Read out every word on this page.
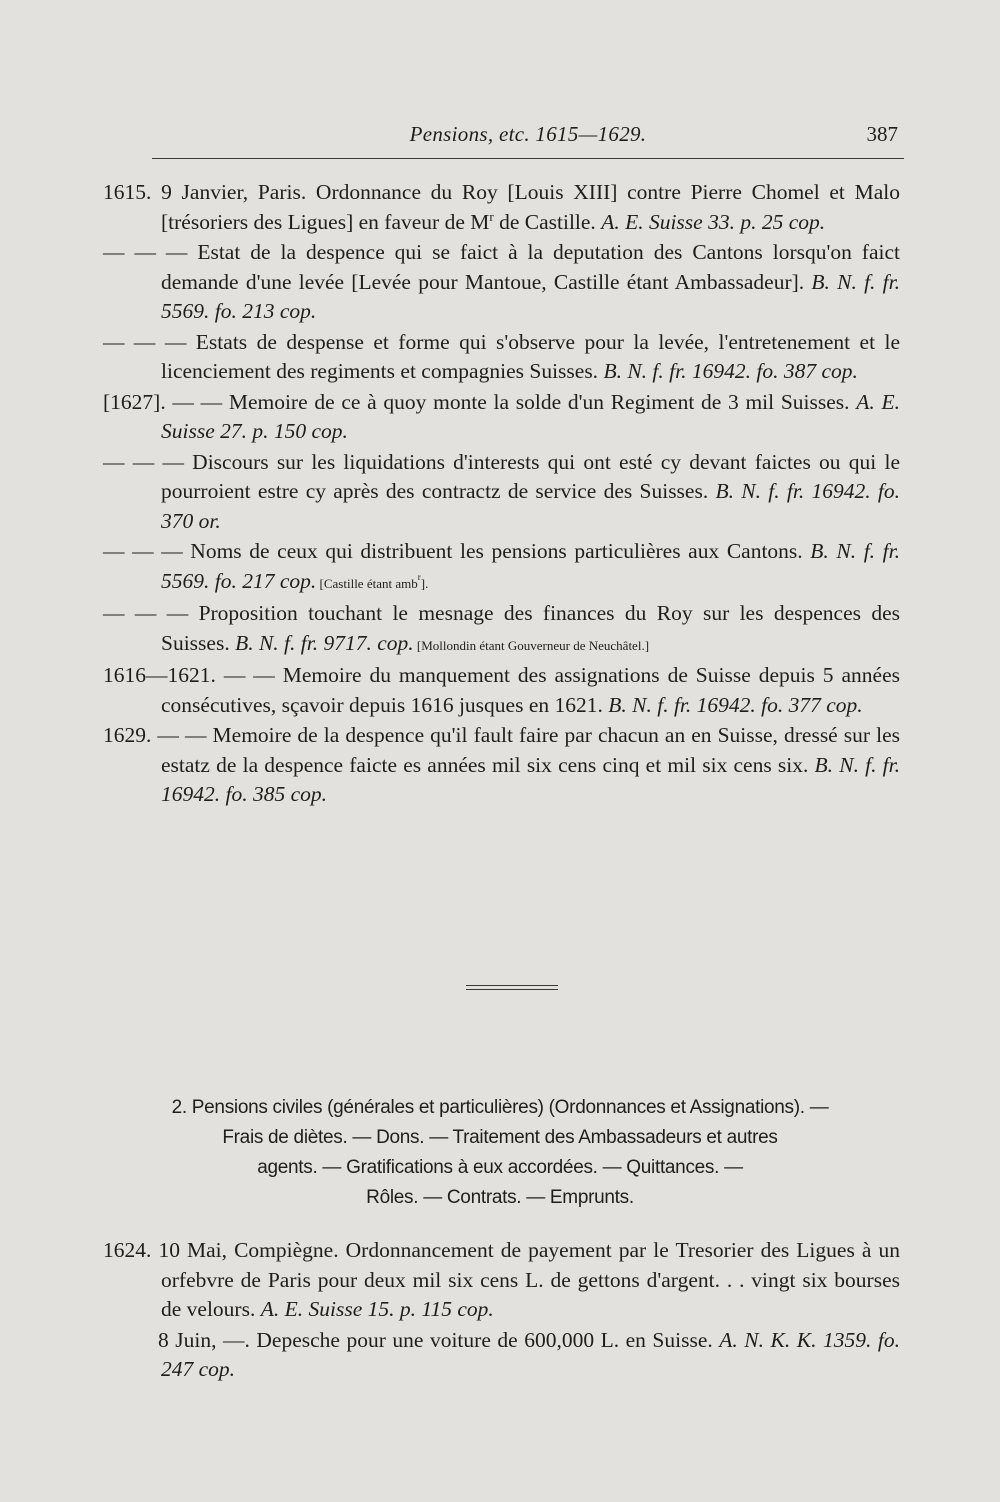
Pensions, etc. 1615—1629.	387

1615. 9 Janvier, Paris. Ordonnance du Roy [Louis XIII] contre Pierre Chomel et Malo [trésoriers des Ligues] en faveur de $M^r$ de Castille. A. E. Suisse 33. p. 25 cop.

— — — Estat de la despence qui se faict à la deputation des Cantons lorsqu'on faict demande d'une levée [Levée pour Mantoue, Castille étant Ambassadeur]. B. N. f. fr. 5569. fo. 213 cop.

— — — Estats de despense et forme qui s'observe pour la levée, l'entretenement et le licenciement des regiments et compagnies Suisses. B. N. f. fr. 16942. fo. 387 cop.

[1627]. — — Memoire de ce à quoy monte la solde d'un Regiment de 3 mil Suisses. A. E. Suisse 27. p. 150 cop.

— — — Discours sur les liquidations d'interests qui ont esté cy devant faictes ou qui le pourroient estre cy après des contractz de service des Suisses. B. N. f. fr. 16942. fo. 370 or.

— — — Noms de ceux qui distribuent les pensions particulières aux Cantons. B. N. f. fr. 5569. fo. 217 cop. [Castille étant amb$^r$].

— — — Proposition touchant le mesnage des finances du Roy sur les despences des Suisses. B. N. f. fr. 9717. cop. [Mollondin étant Gouverneur de Neuchâtel.]

1616—1621. — — Memoire du manquement des assignations de Suisse depuis 5 années consécutives, sçavoir depuis 1616 jusques en 1621. B. N. f. fr. 16942. fo. 377 cop.

1629. — — Memoire de la despence qu'il fault faire par chacun an en Suisse, dressé sur les estatz de la despence faicte es années mil six cens cinq et mil six cens six. B. N. f. fr. 16942. fo. 385 cop.

2. Pensions civiles (générales et particulières) (Ordonnances et Assignations). —
Frais de diètes. — Dons. — Traitement des Ambassadeurs et autres
agents. — Gratifications à eux accordées. — Quittances. —
Rôles. — Contrats. — Emprunts.

1624. 10 Mai, Compiègne. Ordonnancement de payement par le Tresorier des Ligues à un orfebvre de Paris pour deux mil six cens L. de gettons d'argent. . . vingt six bourses de velours. A. E. Suisse 15. p. 115 cop.

8 Juin, —. Depesche pour une voiture de 600,000 L. en Suisse. A. N. K. K. 1359. fo. 247 cop.
